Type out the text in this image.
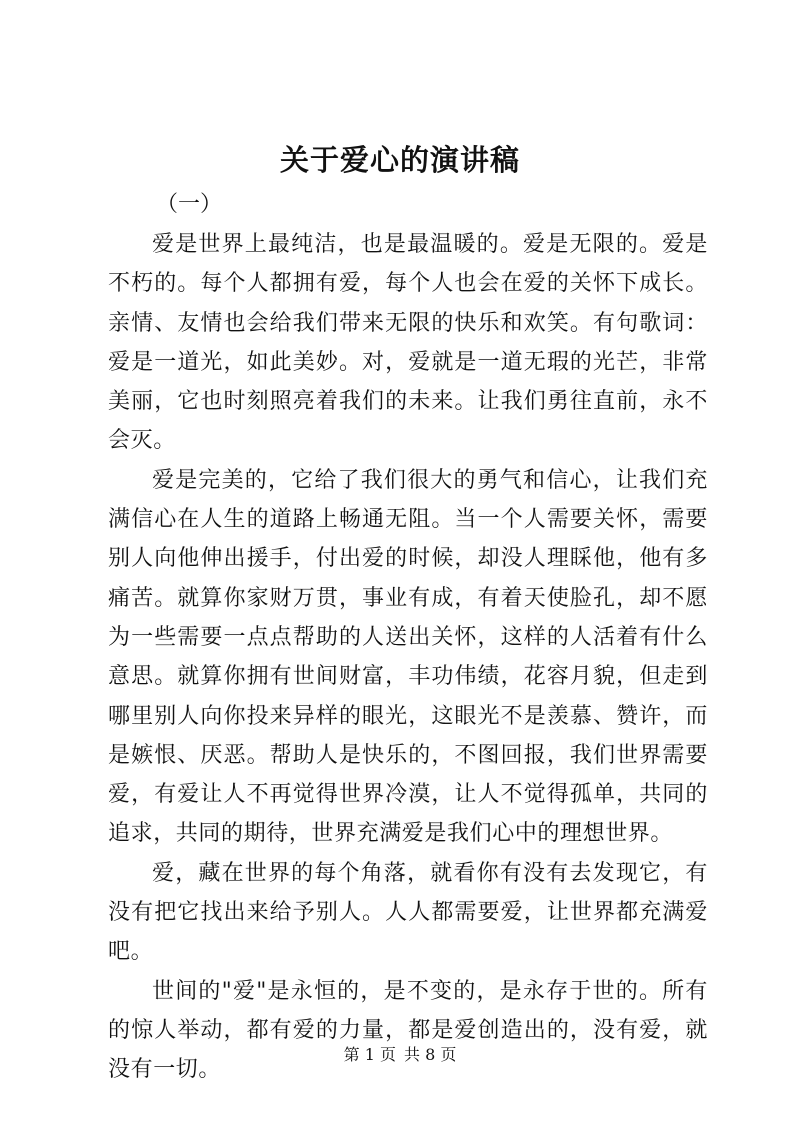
关于爱心的演讲稿
（一）

爱是世界上最纯洁，也是最温暖的。爱是无限的。爱是不朽的。每个人都拥有爱，每个人也会在爱的关怀下成长。亲情、友情也会给我们带来无限的快乐和欢笑。有句歌词：爱是一道光，如此美妙。对，爱就是一道无瑕的光芒，非常美丽，它也时刻照亮着我们的未来。让我们勇往直前，永不会灭。

爱是完美的，它给了我们很大的勇气和信心，让我们充满信心在人生的道路上畅通无阻。当一个人需要关怀，需要别人向他伸出援手，付出爱的时候，却没人理睬他，他有多痛苦。就算你家财万贯，事业有成，有着天使脸孔，却不愿为一些需要一点点帮助的人送出关怀，这样的人活着有什么意思。就算你拥有世间财富，丰功伟绩，花容月貌，但走到哪里别人向你投来异样的眼光，这眼光不是羡慕、赞许，而是嫉恨、厌恶。帮助人是快乐的，不图回报，我们世界需要爱，有爱让人不再觉得世界冷漠，让人不觉得孤单，共同的追求，共同的期待，世界充满爱是我们心中的理想世界。

爱，藏在世界的每个角落，就看你有没有去发现它，有没有把它找出来给予别人。人人都需要爱，让世界都充满爱吧。

世间的"爱"是永恒的，是不变的，是永存于世的。所有的惊人举动，都有爱的力量，都是爱创造出的，没有爱，就没有一切。

第 1 页 共 8 页
